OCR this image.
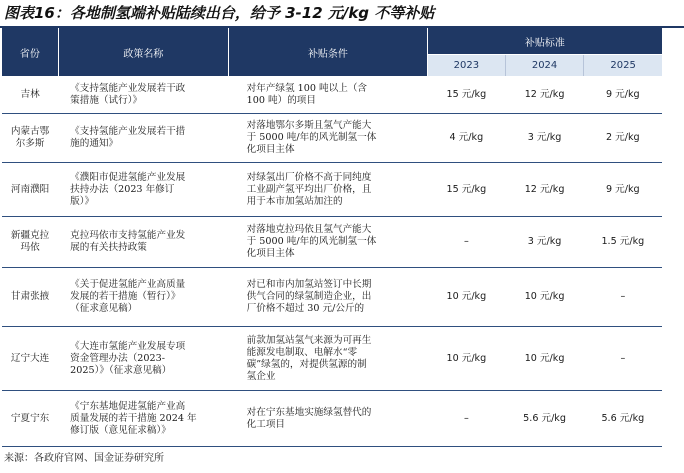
图表16：各地制氢端补贴陆续出台，给予 3-12 元/kg 不等补贴
省份	政策名称	补贴条件	补贴标准		
			2023	2024	2025
吉林	《支持氢能产业发展若干政
策措施（试行）》	对年产绿氢 100 吨以上（含
100 吨）的项目	15 元/kg	12 元/kg	9 元/kg
内蒙古鄂
尔多斯	《支持氢能产业发展若干措
施的通知》	对落地鄂尔多斯且氢气产能大
于 5000 吨/年的风光制氢一体
化项目主体	4 元/kg	3 元/kg	2 元/kg
河南濮阳	《濮阳市促进氢能产业发展
扶持办法（2023 年修订
版）》	对绿氢出厂价格不高于同纯度
工业副产氢平均出厂价格，且
用于本市加氢站加注的	15 元/kg	12 元/kg	9 元/kg
新疆克拉
玛依	克拉玛依市支持氢能产业发
展的有关扶持政策	对落地克拉玛依且氢气产能大
于 5000 吨/年的风光制氢一体
化项目主体	–	3 元/kg	1.5 元/kg
甘肃张掖	《关于促进氢能产业高质量
发展的若干措施（暂行）》
（征求意见稿）	对已和市内加氢站签订中长期
供气合同的绿氢制造企业，出
厂价格不超过 30 元/公斤的	10 元/kg	10 元/kg	–
辽宁大连	《大连市氢能产业发展专项
资金管理办法（2023-
2025）》（征求意见稿）	前款加氢站氢气来源为可再生
能源发电制取、电解水“零
碳”绿氢的，对提供氢源的制
氢企业	10 元/kg	10 元/kg	–
宁夏宁东	《宁东基地促进氢能产业高
质量发展的若干措施 2024 年
修订版（意见征求稿）》	对在宁东基地实施绿氢替代的
化工项目	–	5.6 元/kg	5.6 元/kg
来源：各政府官网、国金证券研究所
